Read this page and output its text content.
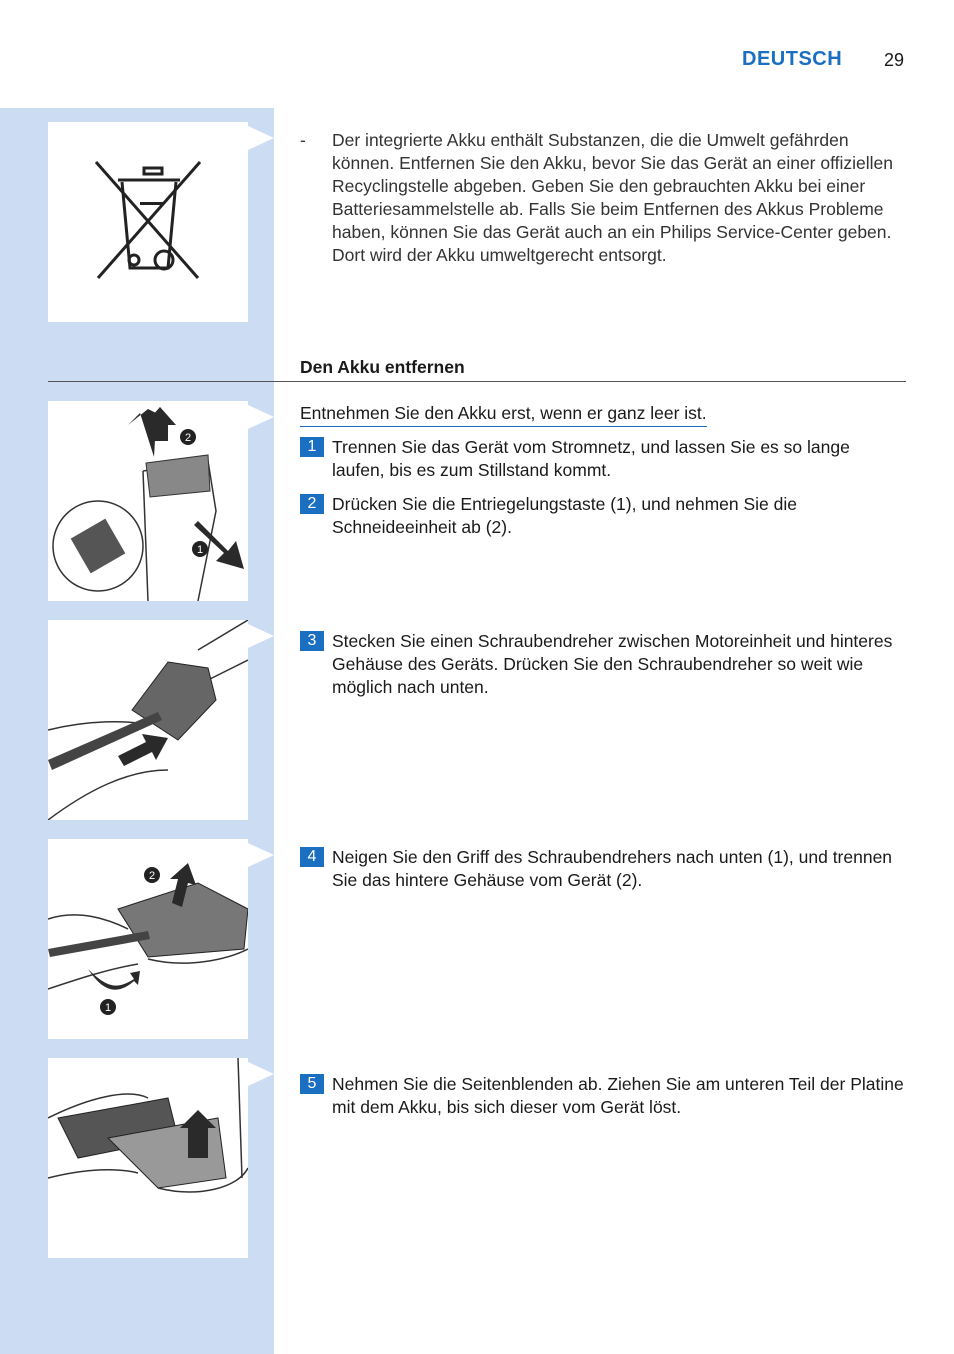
DEUTSCH 29
- Der integrierte Akku enthält Substanzen, die die Umwelt gefährden können. Entfernen Sie den Akku, bevor Sie das Gerät an einer offiziellen Recyclingstelle abgeben. Geben Sie den gebrauchten Akku bei einer Batteriesammelstelle ab. Falls Sie beim Entfernen des Akkus Probleme haben, können Sie das Gerät auch an ein Philips Service-Center geben. Dort wird der Akku umweltgerecht entsorgt.
Den Akku entfernen
2
1
Entnehmen Sie den Akku erst, wenn er ganz leer ist.
1 Trennen Sie das Gerät vom Stromnetz, und lassen Sie es so lange laufen, bis es zum Stillstand kommt.
2 Drücken Sie die Entriegelungstaste (1), und nehmen Sie die Schneideeinheit ab (2).
3 Stecken Sie einen Schraubendreher zwischen Motoreinheit und hinteres Gehäuse des Geräts. Drücken Sie den Schraubendreher so weit wie möglich nach unten.
2
1
4 Neigen Sie den Griff des Schraubendrehers nach unten (1), und trennen Sie das hintere Gehäuse vom Gerät (2).
5 Nehmen Sie die Seitenblenden ab. Ziehen Sie am unteren Teil der Platine mit dem Akku, bis sich dieser vom Gerät löst.
